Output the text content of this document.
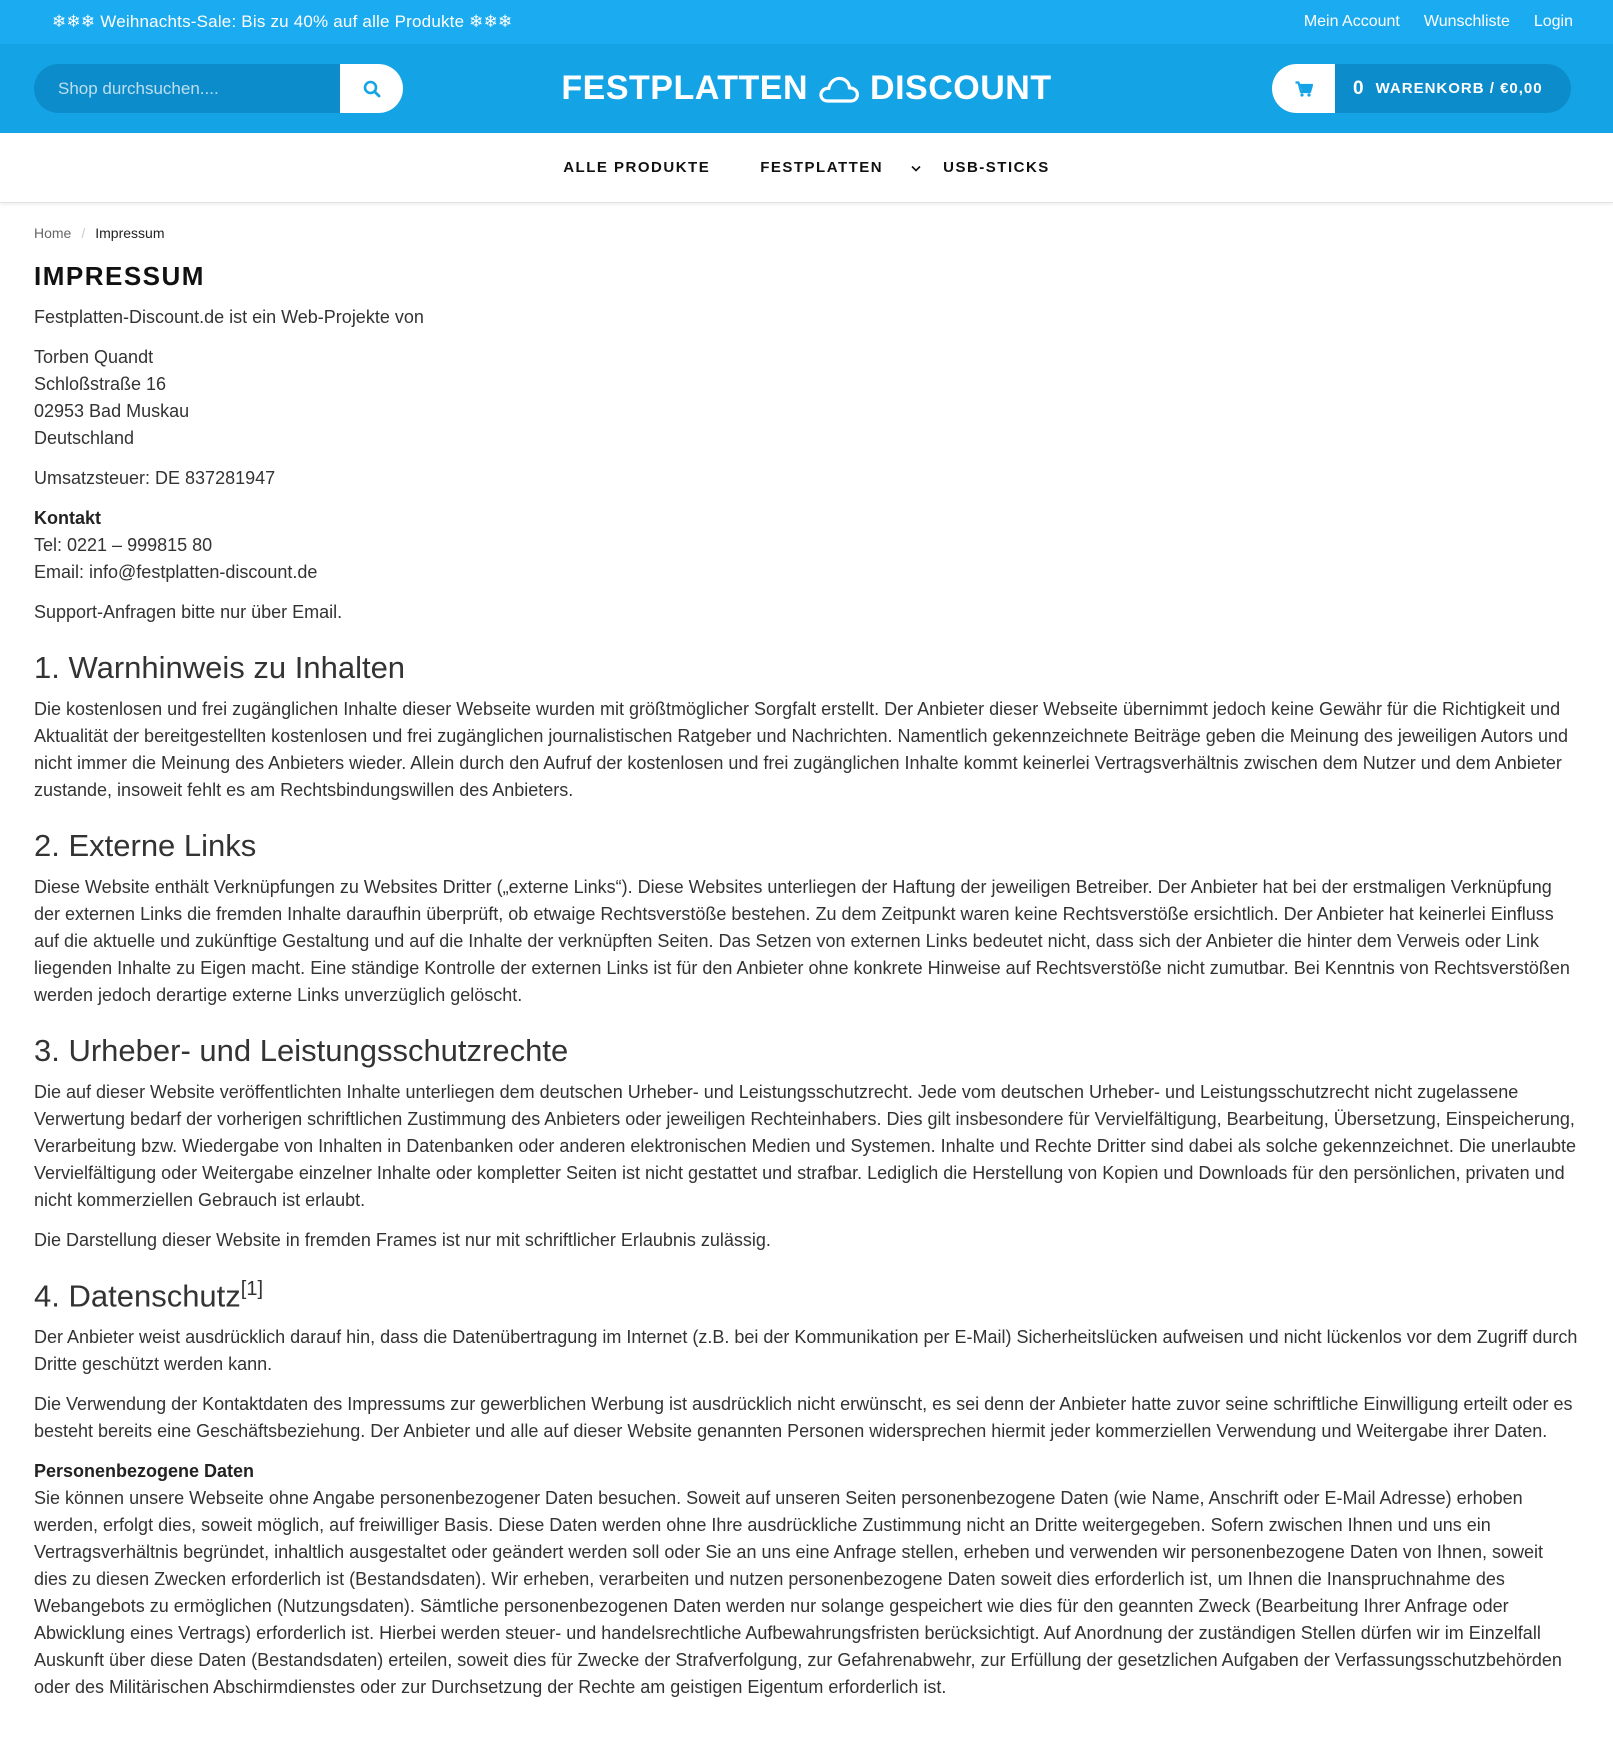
❄❄❄ Weihnachts-Sale: Bis zu 40% auf alle Produkte ❄❄❄	Mein Account Wunschliste Login
Shop durchsuchen....
FESTPLATTEN DISCOUNT	0 WARENKORB / €0,00
ALLE PRODUKTE	FESTPLATTEN	USB-STICKS
Home / Impressum
IMPRESSUM

Festplatten-Discount.de ist ein Web-Projekte von

Torben Quandt
Schloßstraße 16
02953 Bad Muskau
Deutschland

Umsatzsteuer: DE 837281947

Kontakt
Tel: 0221 – 999815 80
Email: info@festplatten-discount.de

Support-Anfragen bitte nur über Email.

1. Warnhinweis zu Inhalten

Die kostenlosen und frei zugänglichen Inhalte dieser Webseite wurden mit größtmöglicher Sorgfalt erstellt. Der Anbieter dieser Webseite übernimmt jedoch keine Gewähr für die Richtigkeit und Aktualität der bereitgestellten kostenlosen und frei zugänglichen journalistischen Ratgeber und Nachrichten. Namentlich gekennzeichnete Beiträge geben die Meinung des jeweiligen Autors und nicht immer die Meinung des Anbieters wieder. Allein durch den Aufruf der kostenlosen und frei zugänglichen Inhalte kommt keinerlei Vertragsverhältnis zwischen dem Nutzer und dem Anbieter zustande, insoweit fehlt es am Rechtsbindungswillen des Anbieters.

2. Externe Links

Diese Website enthält Verknüpfungen zu Websites Dritter („externe Links“). Diese Websites unterliegen der Haftung der jeweiligen Betreiber. Der Anbieter hat bei der erstmaligen Verknüpfung der externen Links die fremden Inhalte daraufhin überprüft, ob etwaige Rechtsverstöße bestehen. Zu dem Zeitpunkt waren keine Rechtsverstöße ersichtlich. Der Anbieter hat keinerlei Einfluss auf die aktuelle und zukünftige Gestaltung und auf die Inhalte der verknüpften Seiten. Das Setzen von externen Links bedeutet nicht, dass sich der Anbieter die hinter dem Verweis oder Link liegenden Inhalte zu Eigen macht. Eine ständige Kontrolle der externen Links ist für den Anbieter ohne konkrete Hinweise auf Rechtsverstöße nicht zumutbar. Bei Kenntnis von Rechtsverstößen werden jedoch derartige externe Links unverzüglich gelöscht.

3. Urheber- und Leistungsschutzrechte

Die auf dieser Website veröffentlichten Inhalte unterliegen dem deutschen Urheber- und Leistungsschutzrecht. Jede vom deutschen Urheber- und Leistungsschutzrecht nicht zugelassene Verwertung bedarf der vorherigen schriftlichen Zustimmung des Anbieters oder jeweiligen Rechteinhabers. Dies gilt insbesondere für Vervielfältigung, Bearbeitung, Übersetzung, Einspeicherung, Verarbeitung bzw. Wiedergabe von Inhalten in Datenbanken oder anderen elektronischen Medien und Systemen. Inhalte und Rechte Dritter sind dabei als solche gekennzeichnet. Die unerlaubte Vervielfältigung oder Weitergabe einzelner Inhalte oder kompletter Seiten ist nicht gestattet und strafbar. Lediglich die Herstellung von Kopien und Downloads für den persönlichen, privaten und nicht kommerziellen Gebrauch ist erlaubt.

Die Darstellung dieser Website in fremden Frames ist nur mit schriftlicher Erlaubnis zulässig.

4. Datenschutz[1]

Der Anbieter weist ausdrücklich darauf hin, dass die Datenübertragung im Internet (z.B. bei der Kommunikation per E-Mail) Sicherheitslücken aufweisen und nicht lückenlos vor dem Zugriff durch Dritte geschützt werden kann.

Die Verwendung der Kontaktdaten des Impressums zur gewerblichen Werbung ist ausdrücklich nicht erwünscht, es sei denn der Anbieter hatte zuvor seine schriftliche Einwilligung erteilt oder es besteht bereits eine Geschäftsbeziehung. Der Anbieter und alle auf dieser Website genannten Personen widersprechen hiermit jeder kommerziellen Verwendung und Weitergabe ihrer Daten.

Personenbezogene Daten
Sie können unsere Webseite ohne Angabe personenbezogener Daten besuchen. Soweit auf unseren Seiten personenbezogene Daten (wie Name, Anschrift oder E-Mail Adresse) erhoben werden, erfolgt dies, soweit möglich, auf freiwilliger Basis. Diese Daten werden ohne Ihre ausdrückliche Zustimmung nicht an Dritte weitergegeben. Sofern zwischen Ihnen und uns ein Vertragsverhältnis begründet, inhaltlich ausgestaltet oder geändert werden soll oder Sie an uns eine Anfrage stellen, erheben und verwenden wir personenbezogene Daten von Ihnen, soweit dies zu diesen Zwecken erforderlich ist (Bestandsdaten). Wir erheben, verarbeiten und nutzen personenbezogene Daten soweit dies erforderlich ist, um Ihnen die Inanspruchnahme des Webangebots zu ermöglichen (Nutzungsdaten). Sämtliche personenbezogenen Daten werden nur solange gespeichert wie dies für den geannten Zweck (Bearbeitung Ihrer Anfrage oder Abwicklung eines Vertrags) erforderlich ist. Hierbei werden steuer- und handelsrechtliche Aufbewahrungsfristen berücksichtigt. Auf Anordnung der zuständigen Stellen dürfen wir im Einzelfall Auskunft über diese Daten (Bestandsdaten) erteilen, soweit dies für Zwecke der Strafverfolgung, zur Gefahrenabwehr, zur Erfüllung der gesetzlichen Aufgaben der Verfassungsschutzbehörden oder des Militärischen Abschirmdienstes oder zur Durchsetzung der Rechte am geistigen Eigentum erforderlich ist.
